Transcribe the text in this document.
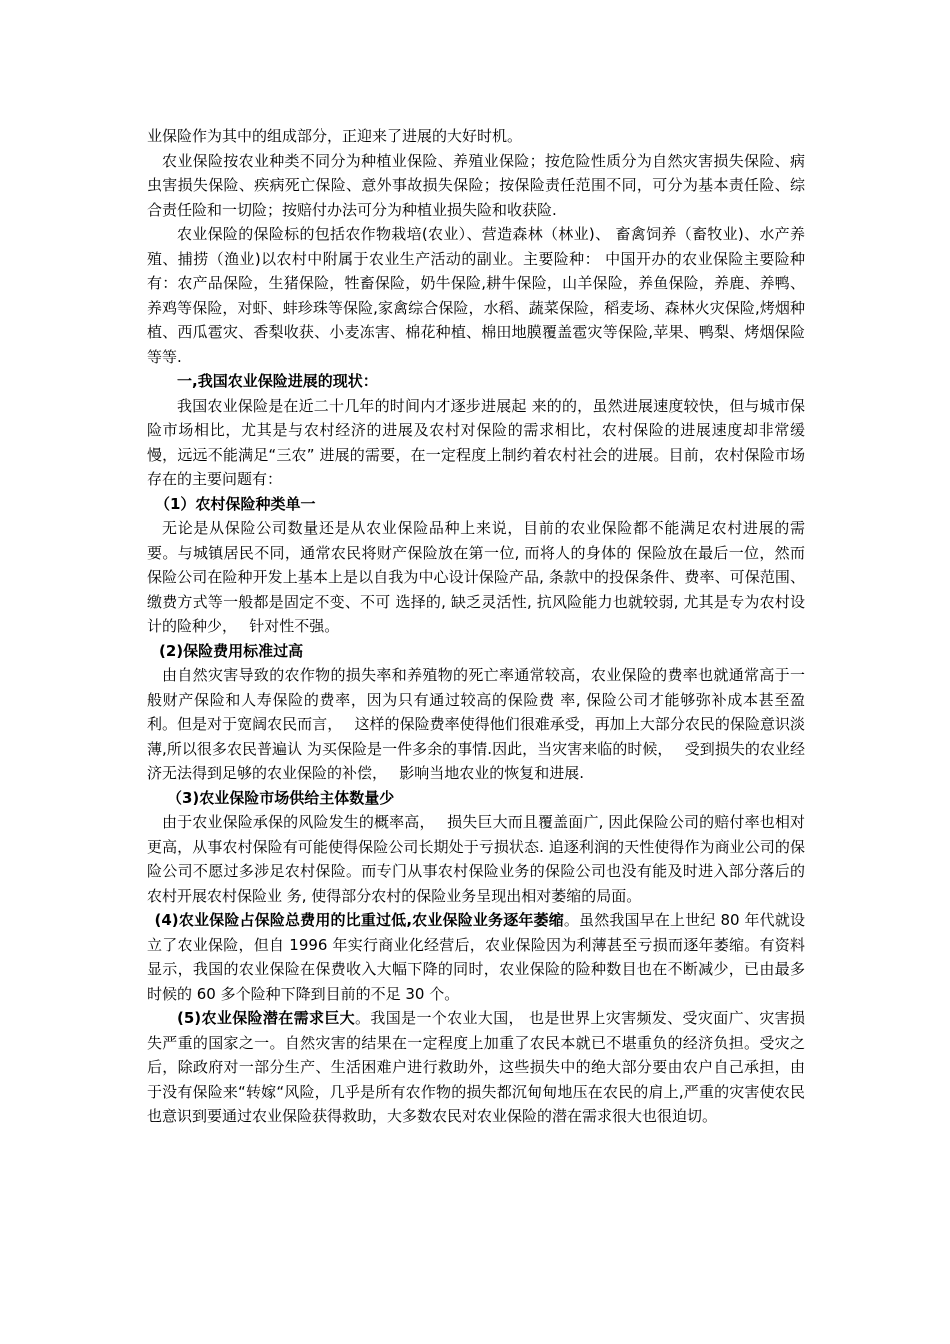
业保险作为其中的组成部分，正迎来了进展的大好时机。

农业保险按农业种类不同分为种植业保险、养殖业保险；按危险性质分为自然灾害损失保险、病虫害损失保险、疾病死亡保险、意外事故损失保险；按保险责任范围不同，可分为基本责任险、综合责任险和一切险；按赔付办法可分为种植业损失险和收获险.

农业保险的保险标的包括农作物栽培(农业）、营造森林（林业)、 畜禽饲养（畜牧业)、水产养殖、捕捞（渔业)以农村中附属于农业生产活动的副业。主要险种： 中国开办的农业保险主要险种有：农产品保险，生猪保险，牲畜保险，奶牛保险,耕牛保险，山羊保险，养鱼保险，养鹿、养鸭、养鸡等保险，对虾、蚌珍珠等保险,家禽综合保险，水稻、蔬菜保险，稻麦场、森林火灾保险,烤烟种植、西瓜雹灾、香梨收获、小麦冻害、棉花种植、棉田地膜覆盖雹灾等保险,苹果、鸭梨、烤烟保险等等.

一,我国农业保险进展的现状：

我国农业保险是在近二十几年的时间内才逐步进展起 来的的，虽然进展速度较快，但与城市保险市场相比，尤其是与农村经济的进展及农村对保险的需求相比，农村保险的进展速度却非常缓慢，远远不能满足“三农” 进展的需要，在一定程度上制约着农村社会的进展。目前，农村保险市场存在的主要问题有：

（1）农村保险种类单一

无论是从保险公司数量还是从农业保险品种上来说，目前的农业保险都不能满足农村进展的需要。与城镇居民不同，通常农民将财产保险放在第一位, 而将人的身体的 保险放在最后一位，然而保险公司在险种开发上基本上是以自我为中心设计保险产品, 条款中的投保条件、费率、可保范围、缴费方式等一般都是固定不变、不可 选择的, 缺乏灵活性, 抗风险能力也就较弱, 尤其是专为农村设计的险种少，　 针对性不强。

(2)保险费用标准过高

由自然灾害导致的农作物的损失率和养殖物的死亡率通常较高，农业保险的费率也就通常高于一般财产保险和人寿保险的费率，因为只有通过较高的保险费 率, 保险公司才能够弥补成本甚至盈利。但是对于宽阔农民而言，　 这样的保险费率使得他们很难承受，再加上大部分农民的保险意识淡薄,所以很多农民普遍认 为买保险是一件多余的事情.因此，当灾害来临的时候，　 受到损失的农业经济无法得到足够的农业保险的补偿，　 影响当地农业的恢复和进展.

（3)农业保险市场供给主体数量少

由于农业保险承保的风险发生的概率高，　 损失巨大而且覆盖面广, 因此保险公司的赔付率也相对更高，从事农村保险有可能使得保险公司长期处于亏损状态. 追逐利润的天性使得作为商业公司的保险公司不愿过多涉足农村保险。而专门从事农村保险业务的保险公司也没有能及时进入部分落后的农村开展农村保险业 务, 使得部分农村的保险业务呈现出相对萎缩的局面。

(4)农业保险占保险总费用的比重过低,农业保险业务逐年萎缩。虽然我国早在上世纪 80 年代就设立了农业保险，但自 1996 年实行商业化经营后，农业保险因为利薄甚至亏损而逐年萎缩。有资料显示，我国的农业保险在保费收入大幅下降的同时，农业保险的险种数目也在不断减少，已由最多时候的 60 多个险种下降到目前的不足 30 个。

(5)农业保险潜在需求巨大。我国是一个农业大国， 也是世界上灾害频发、受灾面广、灾害损失严重的国家之一。自然灾害的结果在一定程度上加重了农民本就已不堪重负的经济负担。受灾之后，除政府对一部分生产、生活困难户进行救助外，这些损失中的绝大部分要由农户自己承担，由于没有保险来“转嫁“风险，几乎是所有农作物的损失都沉甸甸地压在农民的肩上,严重的灾害使农民也意识到要通过农业保险获得救助，大多数农民对农业保险的潜在需求很大也很迫切。
